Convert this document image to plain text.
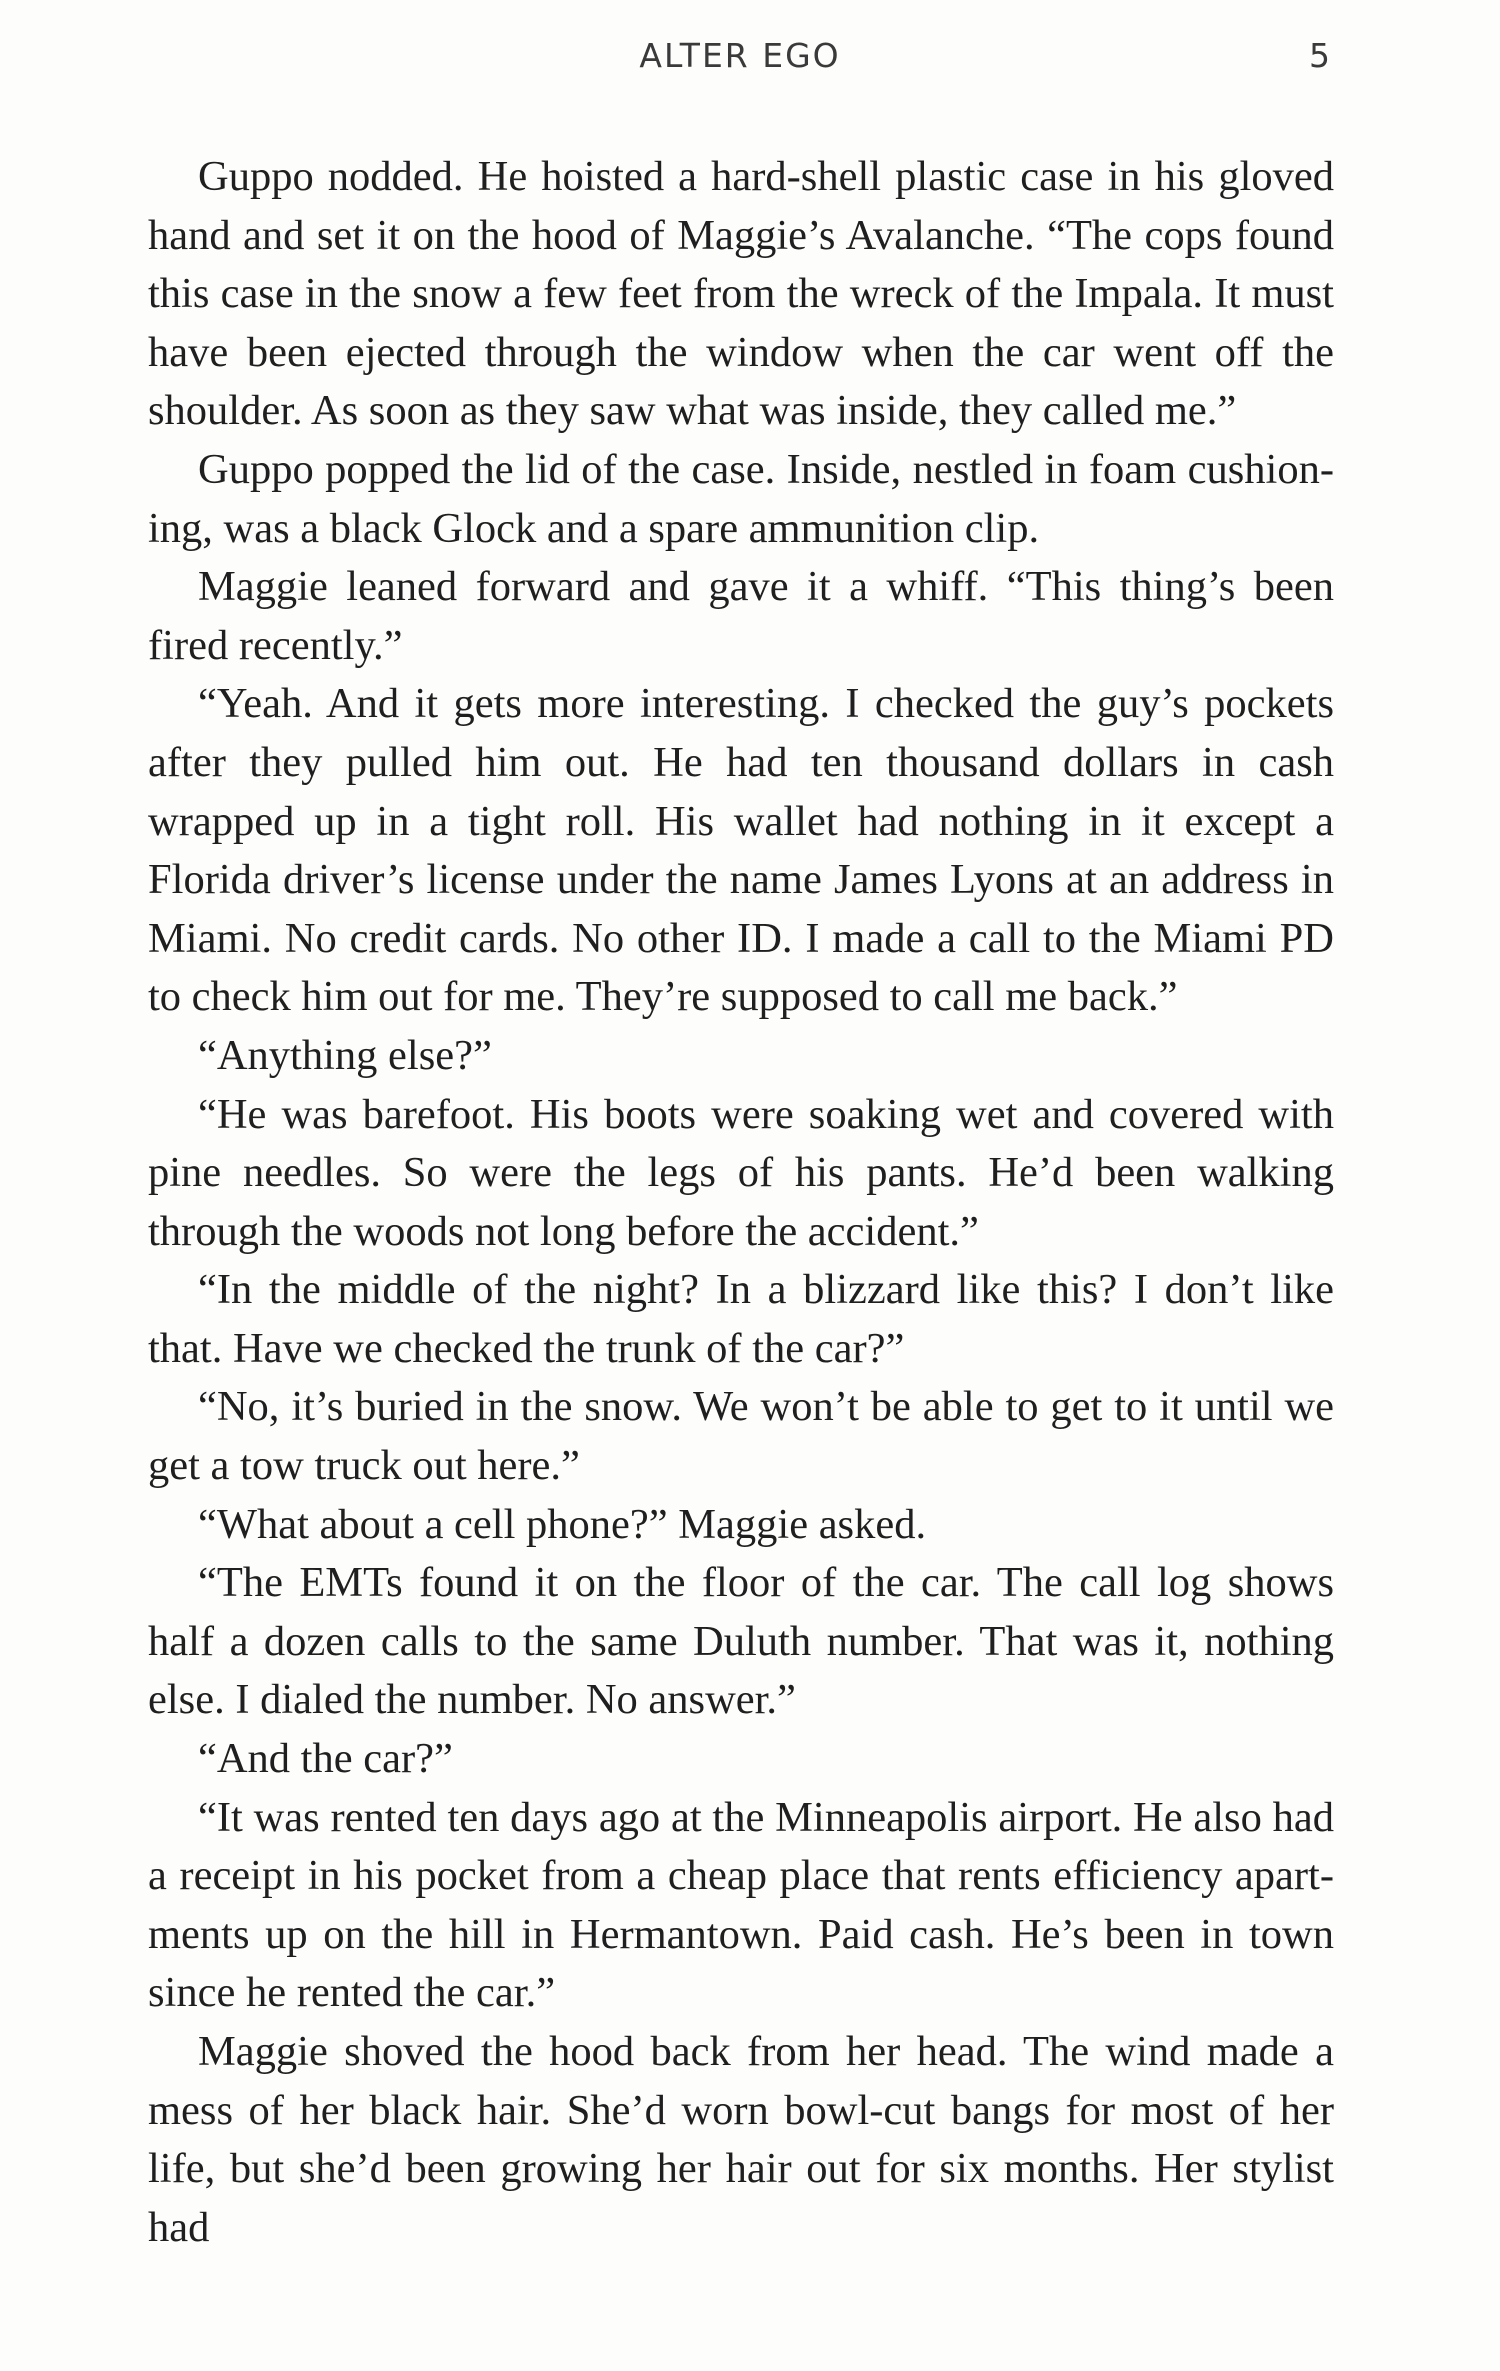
ALTER EGO	5

Guppo nodded. He hoisted a hard-shell plastic case in his gloved hand and set it on the hood of Maggie’s Avalanche. “The cops found this case in the snow a few feet from the wreck of the Impala. It must have been ejected through the window when the car went off the shoulder. As soon as they saw what was inside, they called me.”

Guppo popped the lid of the case. Inside, nestled in foam cushioning, was a black Glock and a spare ammunition clip.

Maggie leaned forward and gave it a whiff. “This thing’s been fired recently.”

“Yeah. And it gets more interesting. I checked the guy’s pockets after they pulled him out. He had ten thousand dollars in cash wrapped up in a tight roll. His wallet had nothing in it except a Florida driver’s license under the name James Lyons at an address in Miami. No credit cards. No other ID. I made a call to the Miami PD to check him out for me. They’re supposed to call me back.”

“Anything else?”

“He was barefoot. His boots were soaking wet and covered with pine needles. So were the legs of his pants. He’d been walking through the woods not long before the accident.”

“In the middle of the night? In a blizzard like this? I don’t like that. Have we checked the trunk of the car?”

“No, it’s buried in the snow. We won’t be able to get to it until we get a tow truck out here.”

“What about a cell phone?” Maggie asked.

“The EMTs found it on the floor of the car. The call log shows half a dozen calls to the same Duluth number. That was it, nothing else. I dialed the number. No answer.”

“And the car?”

“It was rented ten days ago at the Minneapolis airport. He also had a receipt in his pocket from a cheap place that rents efficiency apartments up on the hill in Hermantown. Paid cash. He’s been in town since he rented the car.”

Maggie shoved the hood back from her head. The wind made a mess of her black hair. She’d worn bowl-cut bangs for most of her life, but she’d been growing her hair out for six months. Her stylist had
